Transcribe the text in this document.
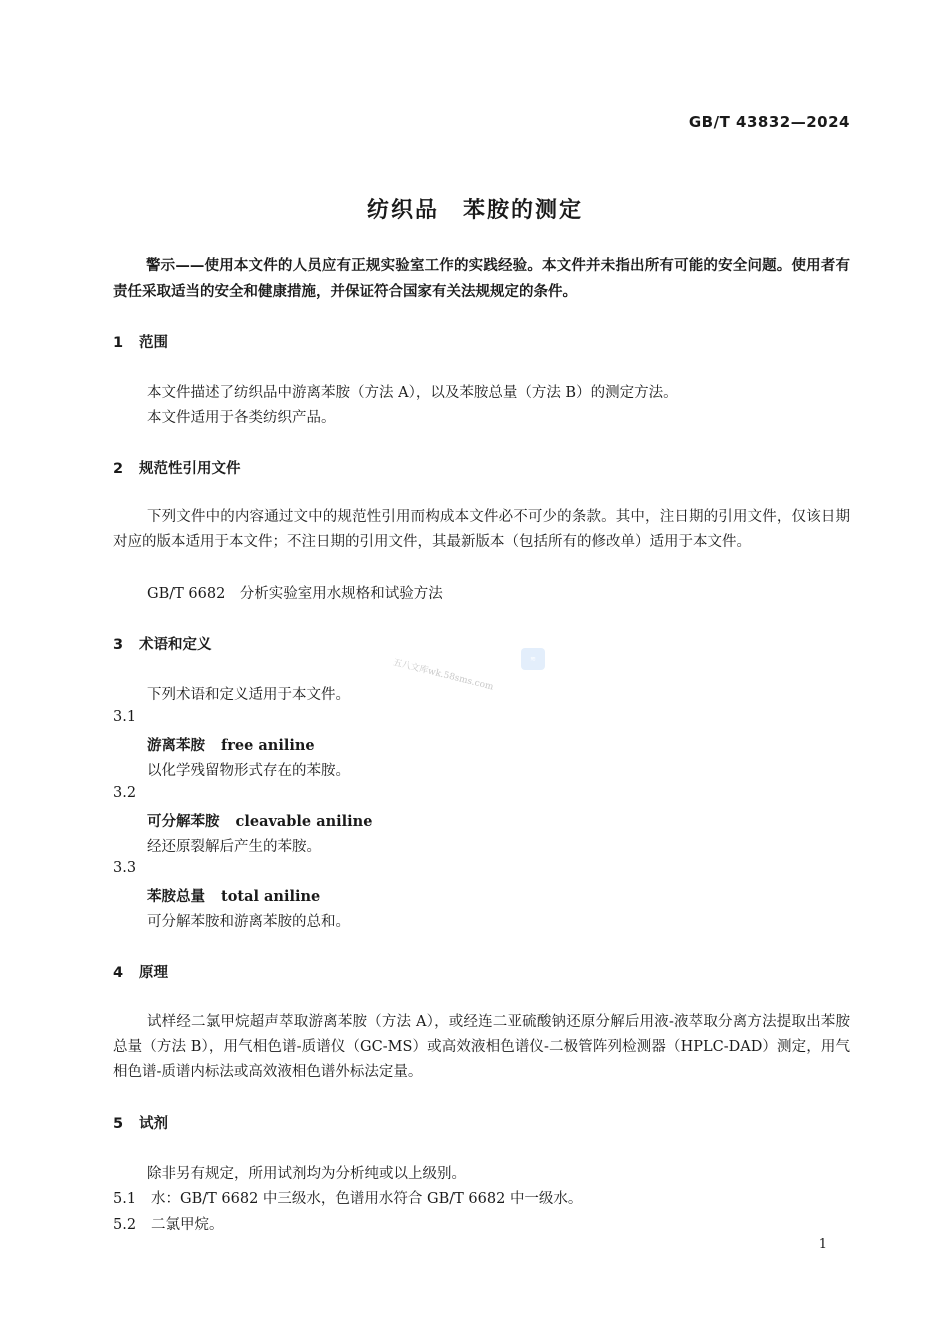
GB/T 43832—2024
纺织品　苯胺的测定
警示——使用本文件的人员应有正规实验室工作的实践经验。本文件并未指出所有可能的安全问题。使用者有责任采取适当的安全和健康措施，并保证符合国家有关法规规定的条件。
1 范围
本文件描述了纺织品中游离苯胺（方法 A），以及苯胺总量（方法 B）的测定方法。
本文件适用于各类纺织产品。
2 规范性引用文件
下列文件中的内容通过文中的规范性引用而构成本文件必不可少的条款。其中，注日期的引用文件，仅该日期对应的版本适用于本文件；不注日期的引用文件，其最新版本（包括所有的修改单）适用于本文件。
GB/T 6682　分析实验室用水规格和试验方法
3 术语和定义
下列术语和定义适用于本文件。
3.1
游离苯胺 free aniline
以化学残留物形式存在的苯胺。
3.2
可分解苯胺 cleavable aniline
经还原裂解后产生的苯胺。
3.3
苯胺总量 total aniline
可分解苯胺和游离苯胺的总和。
4 原理
试样经二氯甲烷超声萃取游离苯胺（方法 A），或经连二亚硫酸钠还原分解后用液-液萃取分离方法提取出苯胺总量（方法 B），用气相色谱-质谱仪（GC-MS）或高效液相色谱仪-二极管阵列检测器（HPLC-DAD）测定，用气相色谱-质谱内标法或高效液相色谱外标法定量。
5 试剂
除非另有规定，所用试剂均为分析纯或以上级别。
5.1 水：GB/T 6682 中三级水，色谱用水符合 GB/T 6682 中一级水。
5.2 二氯甲烷。
五八文库wk.58sms.com	≋
1
